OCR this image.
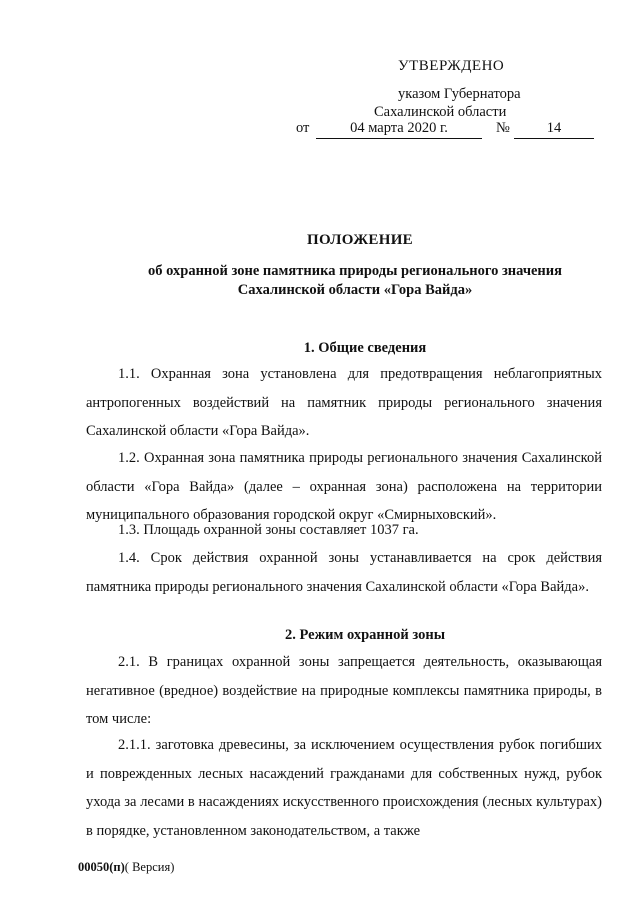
УТВЕРЖДЕНО
указом Губернатора
Сахалинской области
от	04 марта 2020 г.	№	14
ПОЛОЖЕНИЕ
об охранной зоне памятника природы регионального значения Сахалинской области «Гора Вайда»
1. Общие сведения
1.1. Охранная зона установлена для предотвращения неблагоприятных антропогенных воздействий на памятник природы регионального значения Сахалинской области «Гора Вайда».
1.2. Охранная зона памятника природы регионального значения Сахалинской области «Гора Вайда» (далее – охранная зона) расположена на территории муниципального образования городской округ «Смирныховский».
1.3. Площадь охранной зоны составляет 1037 га.
1.4. Срок действия охранной зоны устанавливается на срок действия памятника природы регионального значения Сахалинской области «Гора Вайда».
2. Режим охранной зоны
2.1. В границах охранной зоны запрещается деятельность, оказывающая негативное (вредное) воздействие на природные комплексы памятника природы, в том числе:
2.1.1. заготовка древесины, за исключением осуществления рубок погибших и поврежденных лесных насаждений гражданами для собственных нужд, рубок ухода за лесами в насаждениях искусственного происхождения (лесных культурах) в порядке, установленном законодательством, а также
00050(п)( Версия)
